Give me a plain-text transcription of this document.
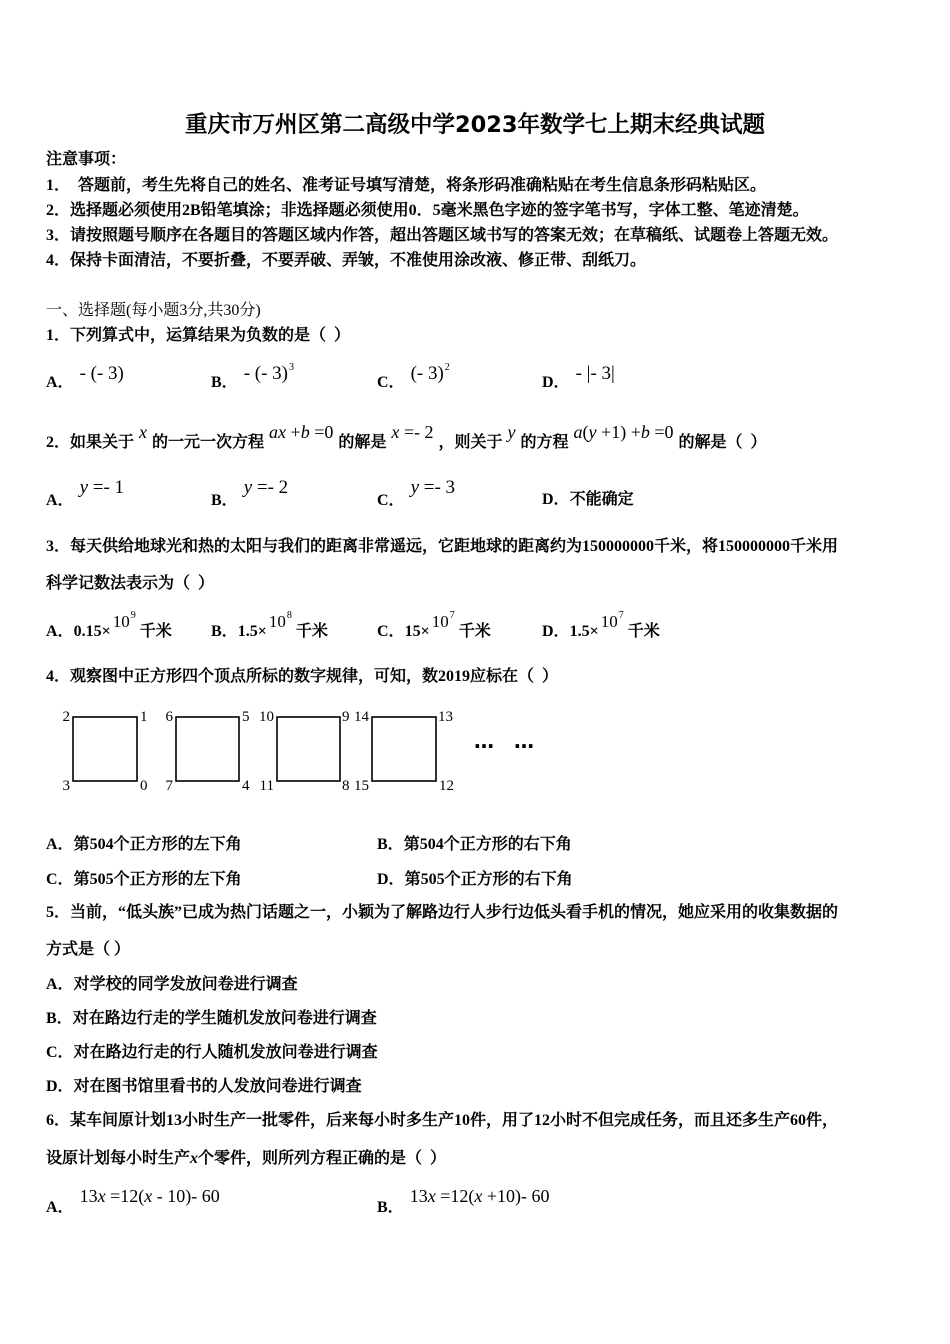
重庆市万州区第二高级中学2023年数学七上期末经典试题
注意事项：
1．  答题前，考生先将自己的姓名、准考证号填写清楚，将条形码准确粘贴在考生信息条形码粘贴区。
2．选择题必须使用2B铅笔填涂；非选择题必须使用0．5毫米黑色字迹的签字笔书写，字体工整、笔迹清楚。
3．请按照题号顺序在各题目的答题区域内作答，超出答题区域书写的答案无效；在草稿纸、试题卷上答题无效。
4．保持卡面清洁，不要折叠，不要弄破、弄皱，不准使用涂改液、修正带、刮纸刀。
一、选择题(每小题3分,共30分)
1．下列算式中，运算结果为负数的是（  ）
A． - (- 3)	B． - (- 3)$^3$
C． (- 3)$^2$
D． - |- 3|
2．如果关于x的一元一次方程ax +b =0的解是x =- 2，则关于y的方程a(y +1) +b =0的解是（  ）
A．y =- 1
B．y =- 2
C．y =- 3
D．不能确定
3．每天供给地球光和热的太阳与我们的距离非常遥远，它距地球的距离约为150000000千米，将150000000千米用
科学记数法表示为（  ）
A．$0.15\times 10^9$千米 B．$1.5\times 10^8$千米	C．$15\times 10^7$千米	D．$1.5\times 10^7$千米
4．观察图中正方形四个顶点所标的数字规律，可知，数2019应标在（  ）
2	1
3	0
6	5
7	4
10	9
11	8
14	13
15	12
……
A．第504个正方形的左下角	B．第504个正方形的右下角
C．第505个正方形的左下角	D．第505个正方形的右下角
5．当前，“低头族”已成为热门话题之一，小颖为了解路边行人步行边低头看手机的情况，她应采用的收集数据的
方式是（ ）
A．对学校的同学发放问卷进行调查
B．对在路边行走的学生随机发放问卷进行调查
C．对在路边行走的行人随机发放问卷进行调查
D．对在图书馆里看书的人发放问卷进行调查
6．某车间原计划13小时生产一批零件，后来每小时多生产10件，用了12小时不但完成任务，而且还多生产60件，
设原计划每小时生产x个零件，则所列方程正确的是（  ）
A．13x =12(x - 10)- 60
B．13x =12(x +10)- 60
